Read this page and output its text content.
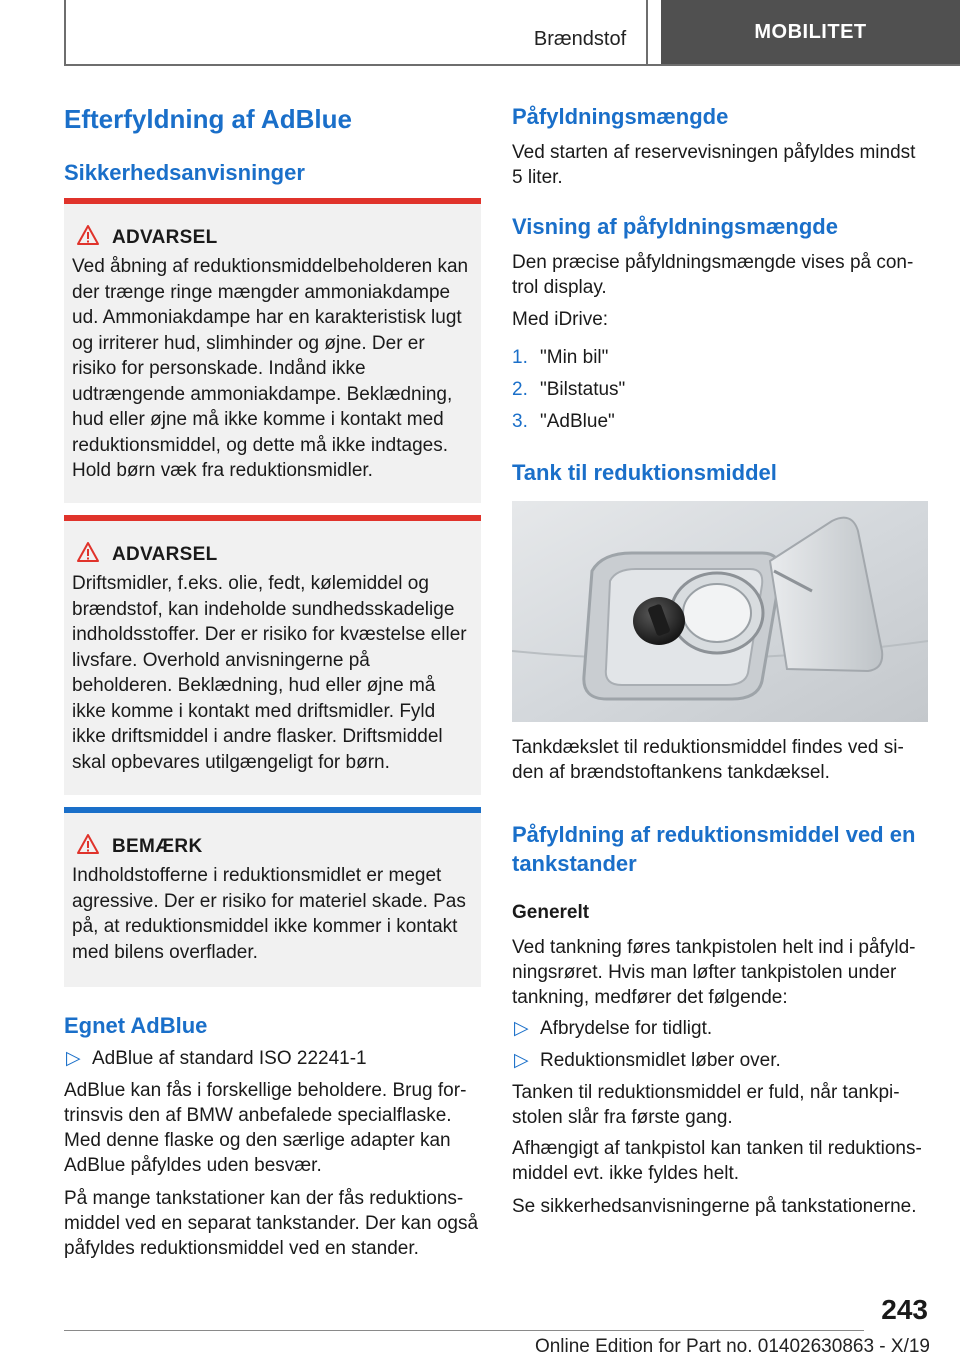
Brændstof	MOBILITET
Efterfyldning af AdBlue
Sikkerhedsanvisninger
ADVARSEL
Ved åbning af reduktionsmiddelbeholderen kan der trænge ringe mængder ammoniakdampe ud. Ammoniakdampe har en karakteristisk lugt og irriterer hud, slimhinder og øjne. Der er risiko for personskade. Indånd ikke udtrængende ammoniakdampe. Beklædning, hud eller øjne må ikke komme i kontakt med reduktionsmiddel, og dette må ikke indtages. Hold børn væk fra reduktionsmidler.
ADVARSEL
Driftsmidler, f.eks. olie, fedt, kølemiddel og brændstof, kan indeholde sundhedsskadelige indholdsstoffer. Der er risiko for kvæstelse eller livsfare. Overhold anvisningerne på beholderen. Beklædning, hud eller øjne må ikke komme i kontakt med driftsmidler. Fyld ikke driftsmiddel i andre flasker. Driftsmiddel skal opbevares utilgængeligt for børn.
BEMÆRK
Indholdstofferne i reduktionsmidlet er meget agressive. Der er risiko for materiel skade. Pas på, at reduktionsmiddel ikke kommer i kontakt med bilens overflader.
Egnet AdBlue
▷ AdBlue af standard ISO 22241-1

AdBlue kan fås i forskellige beholdere. Brug fortrinsvis den af BMW anbefalede specialflaske. Med denne flaske og den særlige adapter kan AdBlue påfyldes uden besvær.

På mange tankstationer kan der fås reduktionsmiddel ved en separat tankstander. Der kan også påfyldes reduktionsmiddel ved en stander.

Påfyldningsmængde

Ved starten af reservevisningen påfyldes mindst 5 liter.

Visning af påfyldningsmængde

Den præcise påfyldningsmængde vises på control display.

Med iDrive:

1. "Min bil"
2. "Bilstatus"
3. "AdBlue"
Tank til reduktionsmiddel

Tankdækslet til reduktionsmiddel findes ved siden af brændstoftankens tankdæksel.

Påfyldning af reduktionsmiddel ved en tankstander
Generelt

Ved tankning føres tankpistolen helt ind i påfyldningsrøret. Hvis man løfter tankpistolen under tankning, medfører det følgende:

▷ Afbrydelse for tidligt.
▷ Reduktionsmidlet løber over.

Tanken til reduktionsmiddel er fuld, når tankpistolen slår fra første gang.

Afhængigt af tankpistol kan tanken til reduktionsmiddel evt. ikke fyldes helt.

Se sikkerhedsanvisningerne på tankstationerne.

243
Online Edition for Part no. 01402630863 - X/19
